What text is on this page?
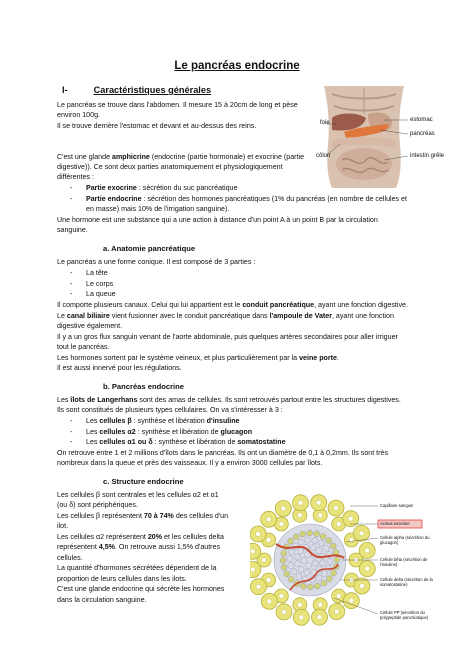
Le pancréas endocrine
I-	Caractéristiques générales
Le pancréas se trouve dans l'abdomen. Il mesure 15 à 20cm de long et pèse
environ 100g.
Il se trouve derrière l'estomac et devant et au-dessus des reins.
C'est une glande amphicrine (endocrine (partie hormonale) et exocrine (partie
digestive)). Ce sont deux parties anatomiquement et physiologiquement
différentes :
- Partie exocrine : sécrétion du suc pancréatique
- Partie endocrine : sécrétion des hormones pancréatiques (1% du pancréas (en nombre de cellules et
en masse) mais 10% de l'irrigation sanguine).
Une hormone est une substance qui a une action à distance d'un point A à un point B par la circulation
sanguine.
foie	estomac
pancréas
côlon	intestin grêle
a. Anatomie pancréatique
Le pancréas a une forme conique. Il est composé de 3 parties :
- La tête
- Le corps
- La queue
Il comporte plusieurs canaux. Celui qui lui appartient est le conduit pancréatique, ayant une fonction digestive.
Le canal biliaire vient fusionner avec le conduit pancréatique dans l'ampoule de Vater, ayant une fonction
digestive également.
Il y a un gros flux sanguin venant de l'aorte abdominale, puis quelques artères secondaires pour aller irriguer
tout le pancréas.
Les hormones sortent par le système veineux, et plus particulièrement par la veine porte.
Il est aussi innervé pour les régulations.
b. Pancréas endocrine
Les îlots de Langerhans sont des amas de cellules. Ils sont retrouvés partout entre les structures digestives.
Ils sont constitués de plusieurs types cellulaires. On va s'intéresser à 3 :
- Les cellules β : synthèse et libération d'insuline
- Les cellules α2 : synthèse et libération de glucagon
- Les cellules α1 ou δ : synthèse et libération de somatostatine
On retrouve entre 1 et 2 millions d'îlots dans le pancréas. Ils ont un diamètre de 0,1 à 0,2mm. Ils sont très
nombreux dans la queue et près des vaisseaux. Il y a environ 3000 cellules par îlots.
c. Structure endocrine
Les cellules β sont centrales et les cellules α2 et α1
(ou δ) sont périphériques.
Les cellules β représentent 70 à 74% des cellules d'un
ilot.
Les cellules α2 représentent 20% et les cellules delta
représentent 4,5%. On retrouve aussi 1,5% d'autres
cellules.
La quantité d'hormones sécrétées dépendent de la
proportion de leurs cellules dans les ilots.
C'est une glande endocrine qui sécrète les hormones
dans la circulation sanguine.
Capillaire sanguin
Acinus exocrine
Cellule alpha (sécrétion du glucagon)
Cellule bêta (sécrétion de l'insuline)
Cellule delta (sécrétion de la somatostatine)
Cellule PP (sécrétion du polypeptide pancréatique)
